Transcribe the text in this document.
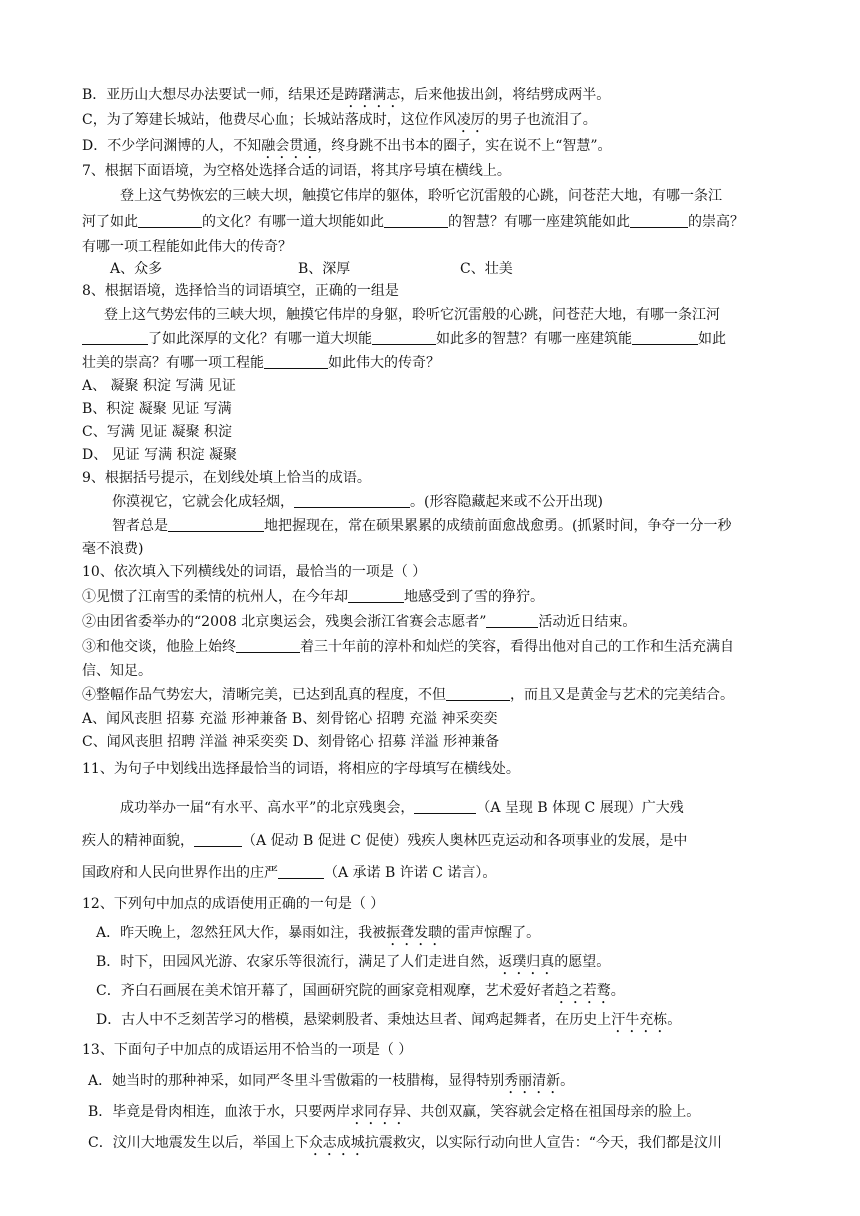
B．亚历山大想尽办法要试一师，结果还是踌躇满志，后来他拔出剑，将结劈成两半。
C，为了筹建长城站，他费尽心血；长城站落成时，这位作风凌厉的男子也流泪了。
D．不少学问渊博的人，不知融会贯通，终身跳不出书本的圈子，实在说不上“智慧”。
7、根据下面语境，为空格处选择合适的词语，将其序号填在横线上。
登上这气势恢宏的三峡大坝，触摸它伟岸的躯体，聆听它沉雷般的心跳，问苍茫大地，有哪一条江
河了如此	的文化？有哪一道大坝能如此	的智慧？有哪一座建筑能如此	的崇高？
有哪一项工程能如此伟大的传奇？
A、众多	B、深厚	C、壮美
8、根据语境，选择恰当的词语填空，正确的一组是
登上这气势宏伟的三峡大坝，触摸它伟岸的身躯，聆听它沉雷般的心跳，问苍茫大地，有哪一条江河
了如此深厚的文化？有哪一道大坝能	如此多的智慧？有哪一座建筑能	如此
壮美的崇高？有哪一项工程能	如此伟大的传奇？
A、 凝聚 积淀 写满 见证
B、积淀 凝聚 见证 写满
C、写满 见证 凝聚 积淀
D、 见证 写满 积淀 凝聚
9、根据括号提示，在划线处填上恰当的成语。
你漠视它，它就会化成轻烟，	。(形容隐藏起来或不公开出现)
智者总是	地把握现在，常在硕果累累的成绩前面愈战愈勇。(抓紧时间，争夺一分一秒
毫不浪费)
10、依次填入下列横线处的词语，最恰当的一项是（ ）
①见惯了江南雪的柔情的杭州人，在今年却	地感受到了雪的狰狞。
②由团省委举办的“2008 北京奥运会，残奥会浙江省赛会志愿者”	活动近日结束。
③和他交谈，他脸上始终	着三十年前的淳朴和灿烂的笑容，看得出他对自己的工作和生活充满自
信、知足。
④整幅作品气势宏大，清晰完美，已达到乱真的程度，不但	，而且又是黄金与艺术的完美结合。
A、闻风丧胆 招募 充溢 形神兼备 B、刻骨铭心 招聘 充溢 神采奕奕
C、闻风丧胆 招聘 洋溢 神采奕奕 D、刻骨铭心 招募 洋溢 形神兼备
11、为句子中划线出选择最恰当的词语，将相应的字母填写在横线处。
成功举办一届“有水平、高水平”的北京残奥会，	（A 呈现 B 体现 C 展现）广大残
疾人的精神面貌，	（A 促动 B 促进 C 促使）残疾人奥林匹克运动和各项事业的发展，是中
国政府和人民向世界作出的庄严	（A 承诺 B 许诺 C 诺言）。
12、下列句中加点的成语使用正确的一句是（ ）
A．昨天晚上，忽然狂风大作，暴雨如注，我被振聋发聩的雷声惊醒了。
B．时下，田园风光游、农家乐等很流行，满足了人们走进自然，返璞归真的愿望。
C．齐白石画展在美术馆开幕了，国画研究院的画家竞相观摩，艺术爱好者趋之若鹜。
D．古人中不乏刻苦学习的楷模，悬梁刺股者、秉烛达旦者、闻鸡起舞者，在历史上汗牛充栋。
13、下面句子中加点的成语运用不恰当的一项是（ ）
A．她当时的那种神采，如同严冬里斗雪傲霜的一枝腊梅，显得特别秀丽清新。
B．毕竟是骨肉相连，血浓于水，只要两岸求同存异、共创双赢，笑容就会定格在祖国母亲的脸上。
C．汶川大地震发生以后，举国上下众志成城抗震救灾，以实际行动向世人宣告：“今天，我们都是汶川
